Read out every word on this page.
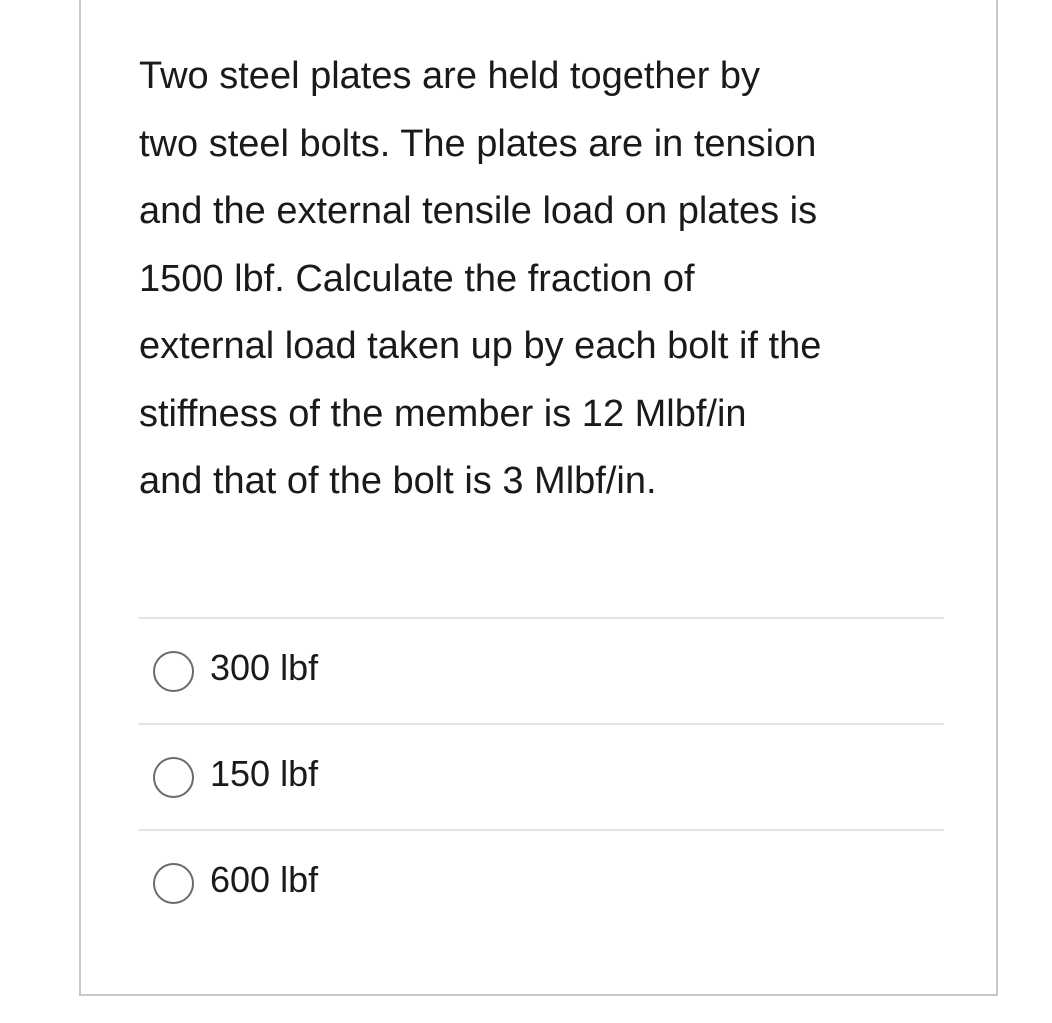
Two steel plates are held together by
two steel bolts. The plates are in tension
and the external tensile load on plates is
1500 lbf. Calculate the fraction of
external load taken up by each bolt if the
stiffness of the member is 12 Mlbf/in
and that of the bolt is 3 Mlbf/in.

300 lbf
150 lbf
600 lbf
